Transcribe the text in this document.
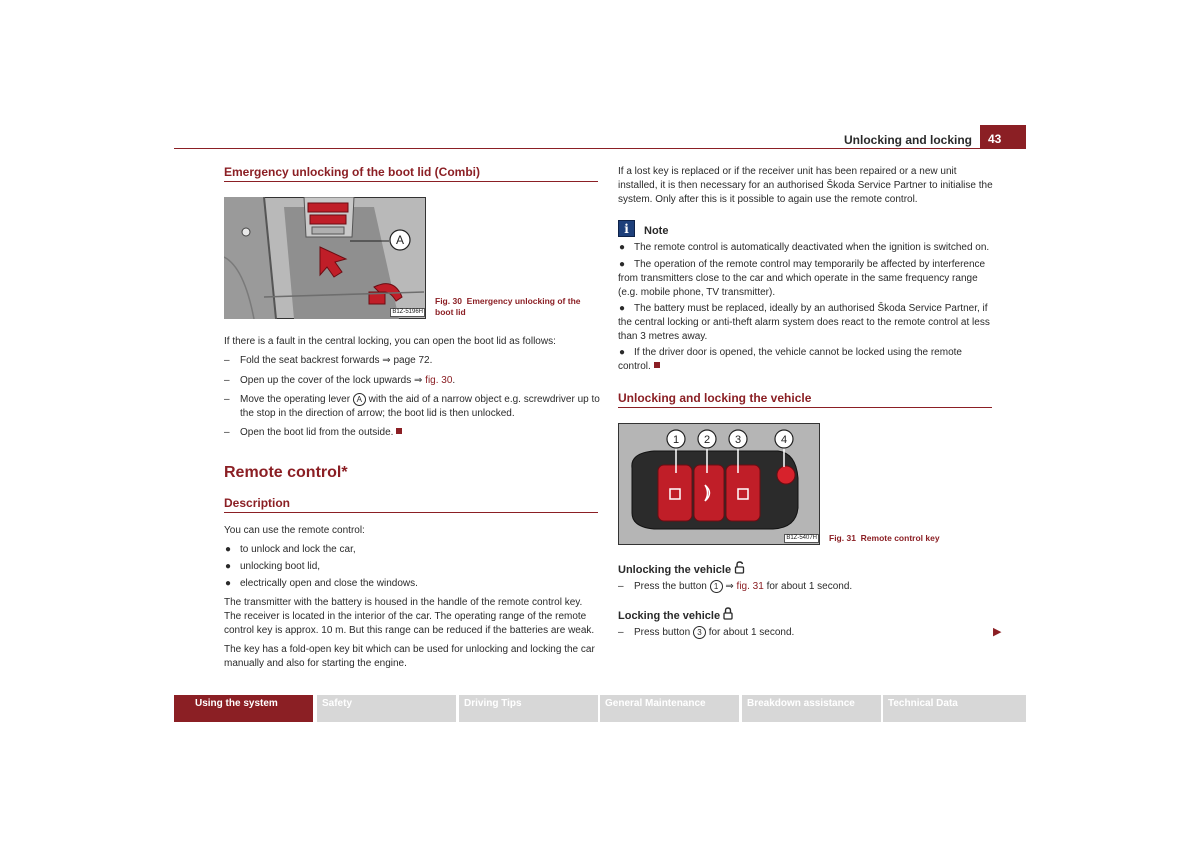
Unlocking and locking	43
Emergency unlocking of the boot lid (Combi)
A
B1Z-5196H
Fig. 30 Emergency unlocking of the boot lid
If there is a fault in the central locking, you can open the boot lid as follows:
– Fold the seat backrest forwards ⇒ page 72.
– Open up the cover of the lock upwards ⇒ fig. 30.
– Move the operating lever A with the aid of a narrow object e.g. screwdriver up to the stop in the direction of arrow; the boot lid is then unlocked.
– Open the boot lid from the outside.
Remote control*
Description
You can use the remote control:
● to unlock and lock the car,
● unlocking boot lid,
● electrically open and close the windows.
The transmitter with the battery is housed in the handle of the remote control key. The receiver is located in the interior of the car. The operating range of the remote control key is approx. 10 m. But this range can be reduced if the batteries are weak.
The key has a fold-open key bit which can be used for unlocking and locking the car manually and also for starting the engine.
If a lost key is replaced or if the receiver unit has been repaired or a new unit installed, it is then necessary for an authorised Škoda Service Partner to initialise the system. Only after this is it possible to again use the remote control.
i	Note
● The remote control is automatically deactivated when the ignition is switched on.
● The operation of the remote control may temporarily be affected by interference from transmitters close to the car and which operate in the same frequency range (e.g. mobile phone, TV transmitter).
● The battery must be replaced, ideally by an authorised Škoda Service Partner, if the central locking or anti-theft alarm system does react to the remote control at less than 3 metres away.
● If the driver door is opened, the vehicle cannot be locked using the remote control.
Unlocking and locking the vehicle
1 2 3	4
B1Z-5407H Fig. 31 Remote control key
Unlocking the vehicle
– Press the button 1 ⇒ fig. 31 for about 1 second.
Locking the vehicle
– Press button 3 for about 1 second.	▶
Using the system	Safety	Driving Tips	General Maintenance	Breakdown assistance	Technical Data
